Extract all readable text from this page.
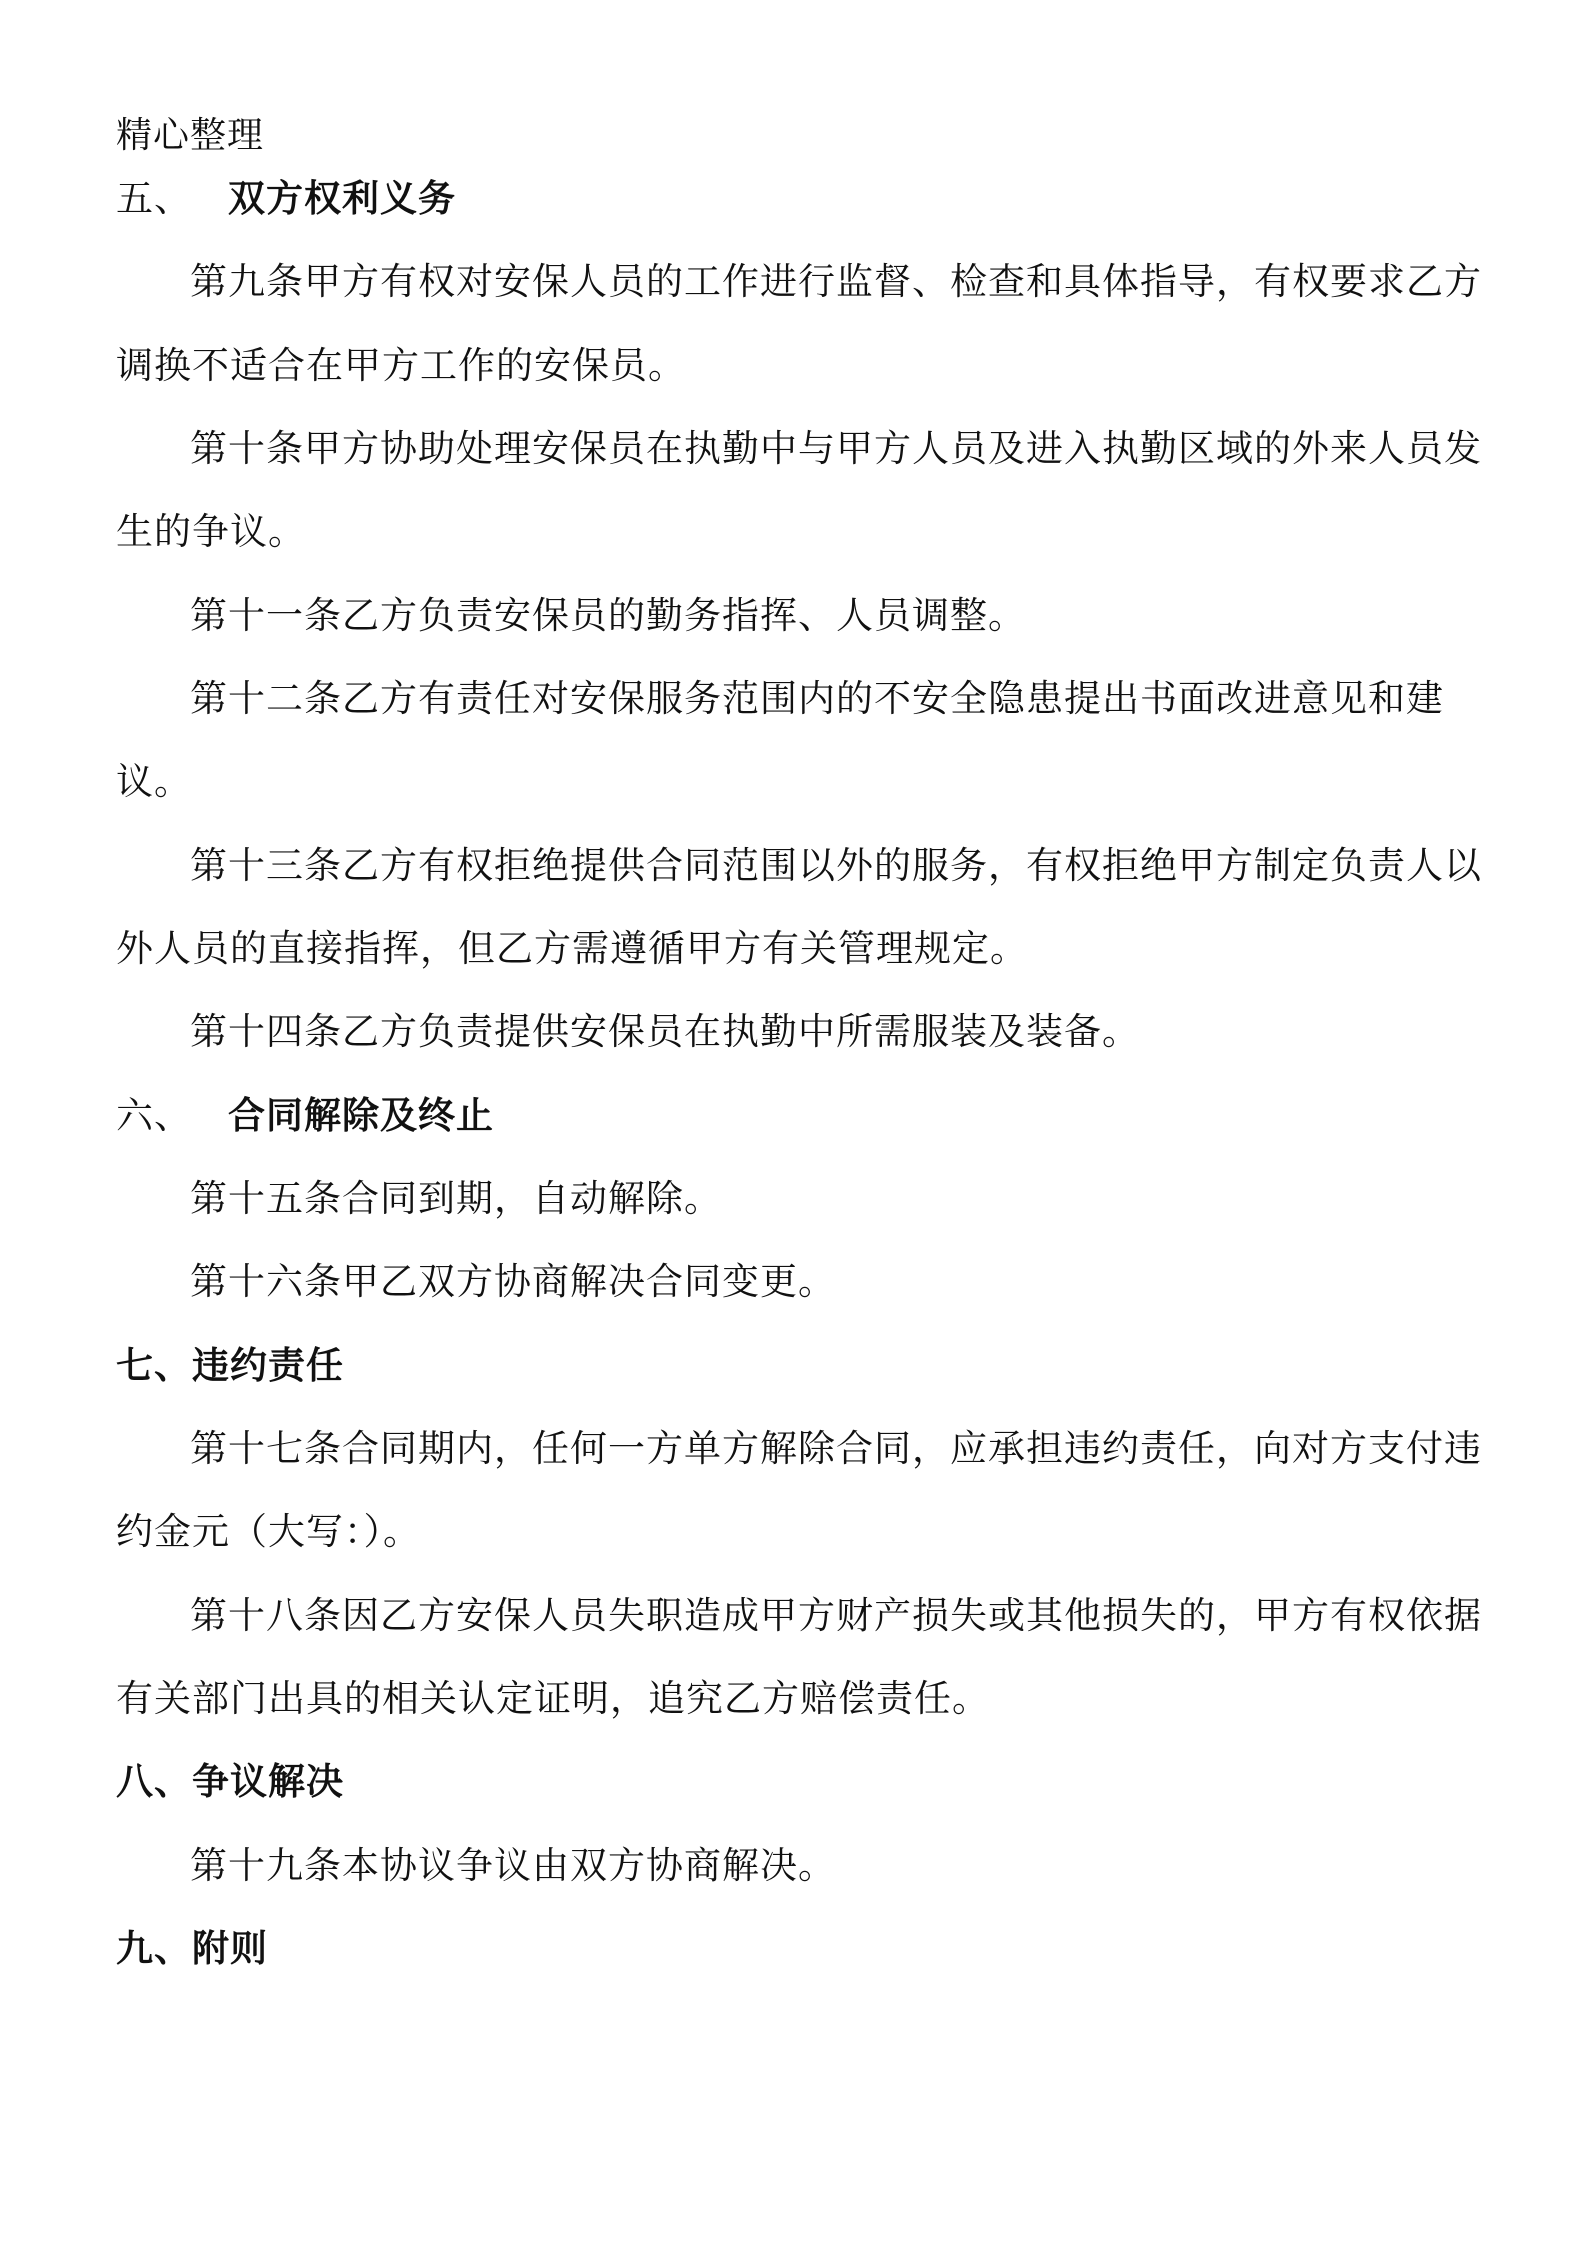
精心整理
五、 双方权利义务
第九条甲方有权对安保人员的工作进行监督、检查和具体指导，有权要求乙方
调换不适合在甲方工作的安保员。
第十条甲方协助处理安保员在执勤中与甲方人员及进入执勤区域的外来人员发
生的争议。
第十一条乙方负责安保员的勤务指挥、人员调整。
第十二条乙方有责任对安保服务范围内的不安全隐患提出书面改进意见和建
议。
第十三条乙方有权拒绝提供合同范围以外的服务，有权拒绝甲方制定负责人以
外人员的直接指挥，但乙方需遵循甲方有关管理规定。
第十四条乙方负责提供安保员在执勤中所需服装及装备。
六、 合同解除及终止
第十五条合同到期，自动解除。
第十六条甲乙双方协商解决合同变更。
七、违约责任
第十七条合同期内，任何一方单方解除合同，应承担违约责任，向对方支付违
约金元（大写：）。
第十八条因乙方安保人员失职造成甲方财产损失或其他损失的，甲方有权依据
有关部门出具的相关认定证明，追究乙方赔偿责任。
八、争议解决
第十九条本协议争议由双方协商解决。
九、附则
